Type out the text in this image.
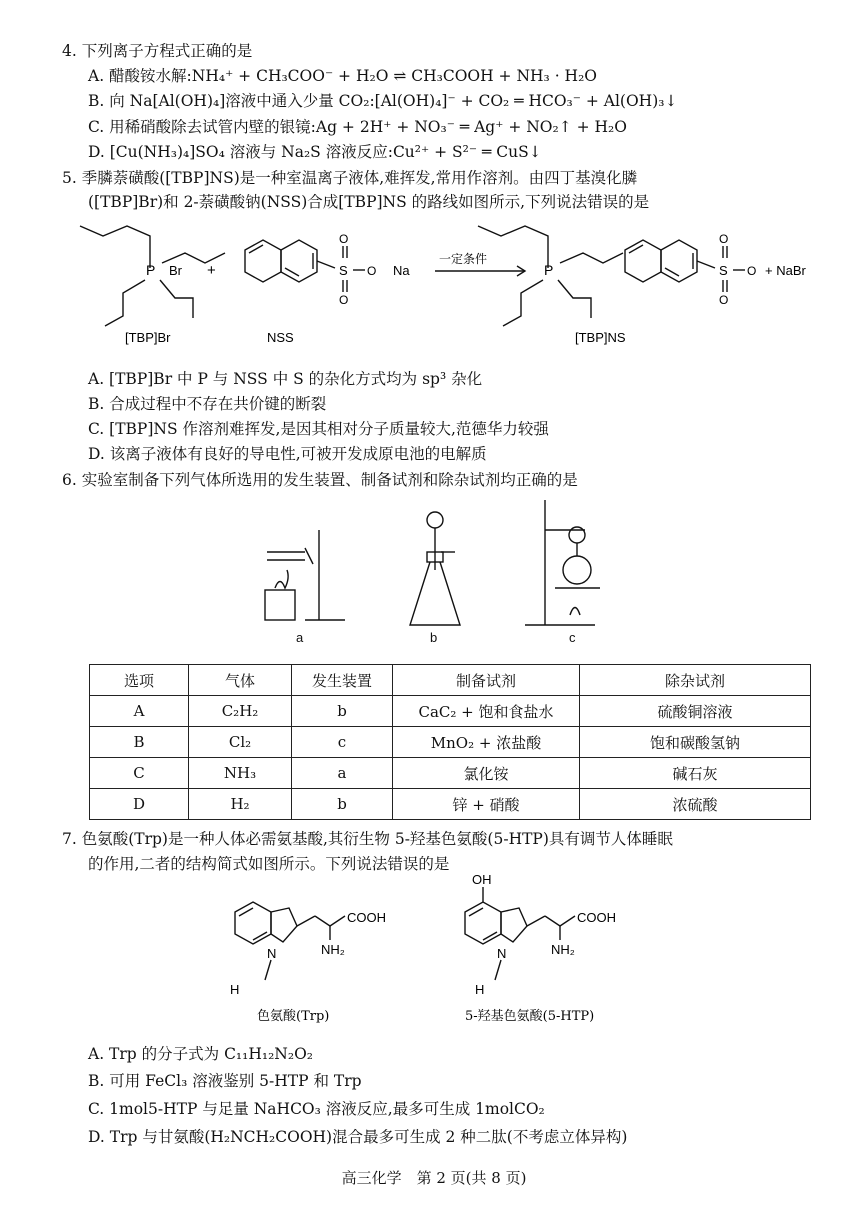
4. 下列离子方程式正确的是
A. 醋酸铵水解:NH₄⁺ + CH₃COO⁻ + H₂O ⇌ CH₃COOH + NH₃ · H₂O
B. 向 Na[Al(OH)₄]溶液中通入少量 CO₂:[Al(OH)₄]⁻ + CO₂ ═ HCO₃⁻ + Al(OH)₃↓
C. 用稀硝酸除去试管内壁的银镜:Ag + 2H⁺ + NO₃⁻ ═ Ag⁺ + NO₂↑ + H₂O
D. [Cu(NH₃)₄]SO₄ 溶液与 Na₂S 溶液反应:Cu²⁺ + S²⁻ ═ CuS↓
5. 季膦萘磺酸([TBP]NS)是一种室温离子液体,难挥发,常用作溶剂。由四丁基溴化膦
([TBP]Br)和 2-萘磺酸钠(NSS)合成[TBP]NS 的路线如图所示,下列说法错误的是
P	P
Br +	S
O
O
O Na	S
O
O
O + NaBr
一定条件
[TBP]Br	NSS	[TBP]NS
A. [TBP]Br 中 P 与 NSS 中 S 的杂化方式均为 sp³ 杂化
B. 合成过程中不存在共价键的断裂
C. [TBP]NS 作溶剂难挥发,是因其相对分子质量较大,范德华力较强
D. 该离子液体有良好的导电性,可被开发成原电池的电解质
6. 实验室制备下列气体所选用的发生装置、制备试剂和除杂试剂均正确的是
a	b	c
选项	气体	发生装置	制备试剂	除杂试剂
A	C₂H₂	b	CaC₂ + 饱和食盐水	硫酸铜溶液
B	Cl₂	c	MnO₂ + 浓盐酸	饱和碳酸氢钠
C	NH₃	a	氯化铵	碱石灰
D	H₂	b	锌 + 硝酸	浓硫酸
7. 色氨酸(Trp)是一种人体必需氨基酸,其衍生物 5-羟基色氨酸(5-HTP)具有调节人体睡眠
的作用,二者的结构简式如图所示。下列说法错误的是
COOH
NH₂
N
H
COOH
NH₂
N
H
OH
色氨酸(Trp)	5-羟基色氨酸(5-HTP)
A. Trp 的分子式为 C₁₁H₁₂N₂O₂
B. 可用 FeCl₃ 溶液鉴别 5-HTP 和 Trp
C. 1mol5-HTP 与足量 NaHCO₃ 溶液反应,最多可生成 1molCO₂
D. Trp 与甘氨酸(H₂NCH₂COOH)混合最多可生成 2 种二肽(不考虑立体异构)
高三化学　第 2 页(共 8 页)
